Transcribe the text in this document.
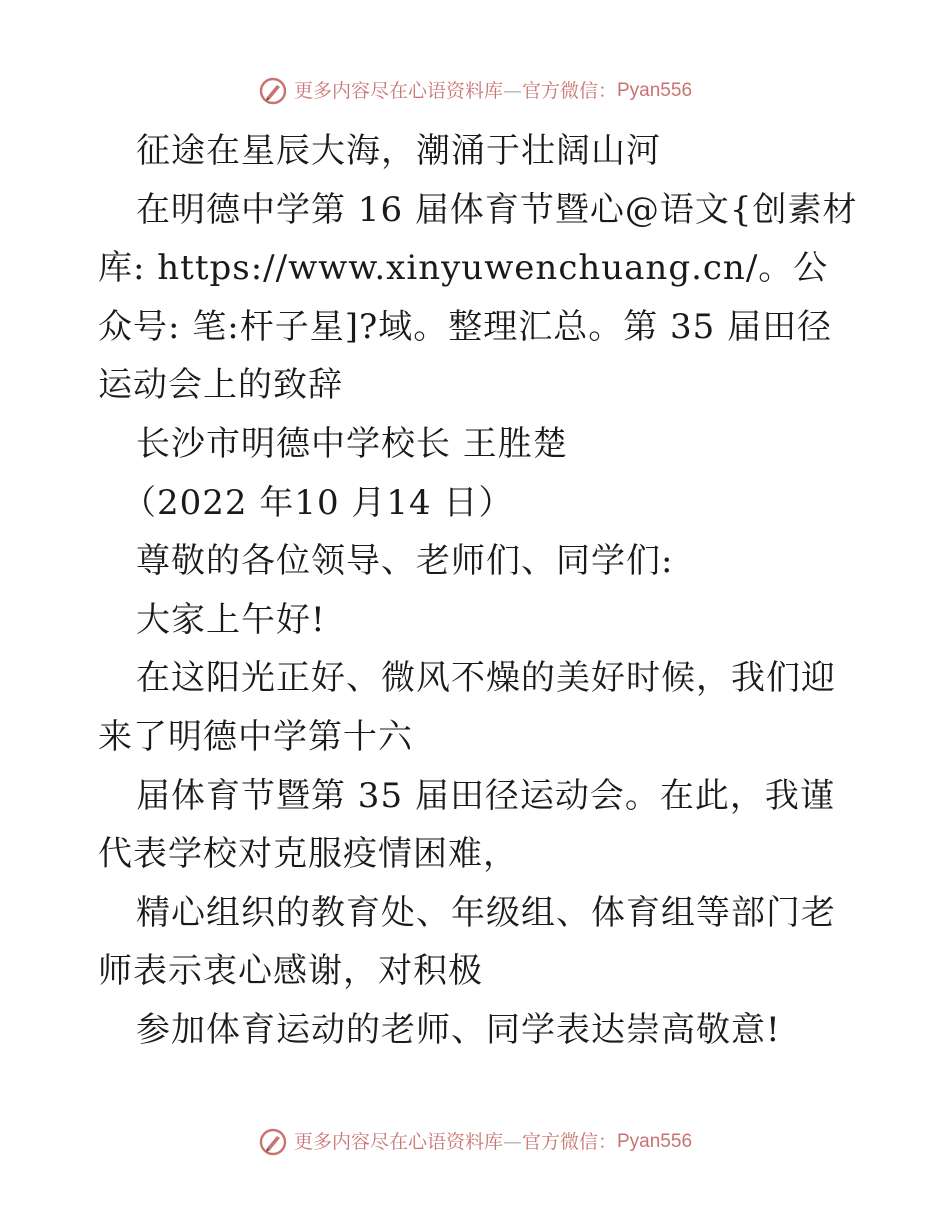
更多内容尽在心语资料库 — 官方微信： Pyan556

征途在星辰大海，潮涌于壮阔山河

在明德中学第 16 届体育节暨心@语文{创素材库: https://www.xinyuwenchuang.cn/。公众号: 笔:杆子星]?域。整理汇总。第 35 届田径运动会上的致辞

长沙市明德中学校长 王胜楚

（2022 年10 月14 日）

尊敬的各位领导、老师们、同学们:

大家上午好!

在这阳光正好、微风不燥的美好时候，我们迎来了明德中学第十六

届体育节暨第 35 届田径运动会。在此，我谨代表学校对克服疫情困难，

精心组织的教育处、年级组、体育组等部门老师表示衷心感谢，对积极

参加体育运动的老师、同学表达崇高敬意!

更多内容尽在心语资料库 — 官方微信： Pyan556
